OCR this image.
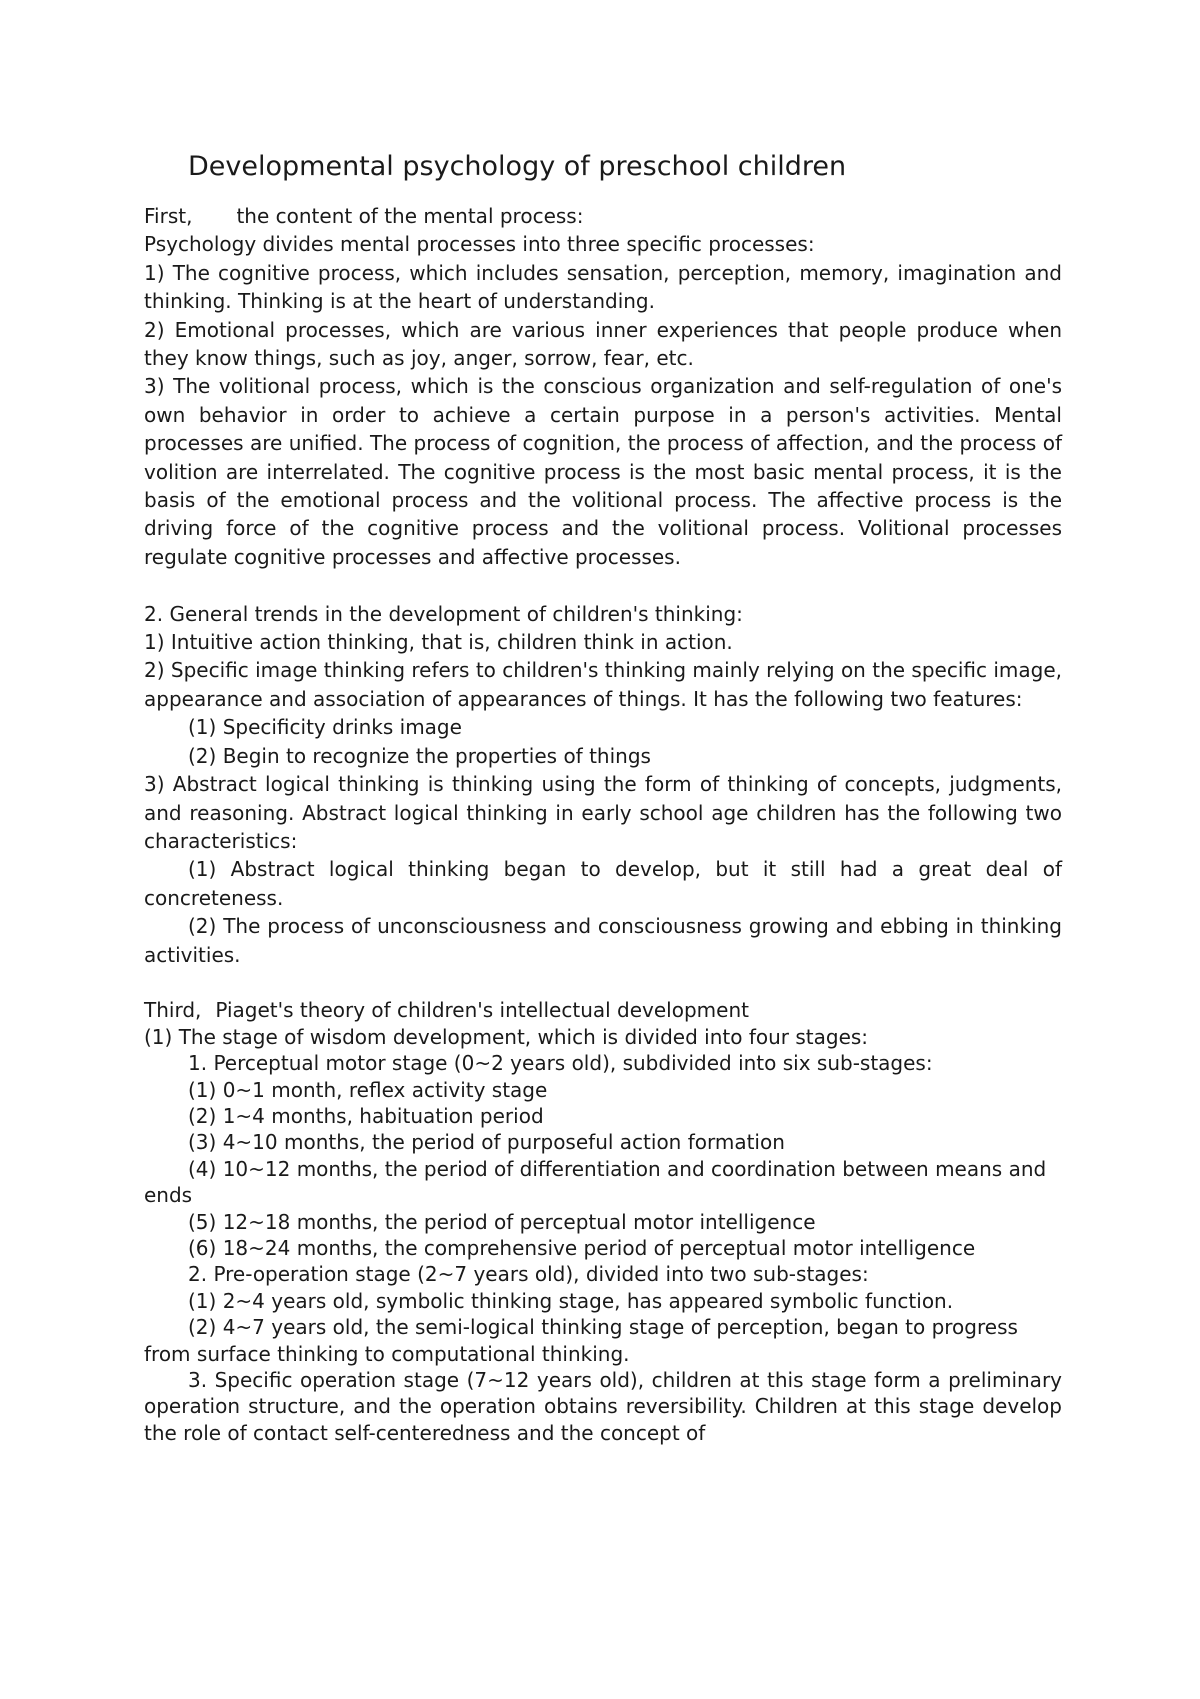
Developmental psychology of preschool children
First, the content of the mental process:
Psychology divides mental processes into three specific processes:
1) The cognitive process, which includes sensation, perception, memory, imagination and thinking. Thinking is at the heart of understanding.
2) Emotional processes, which are various inner experiences that people produce when they know things, such as joy, anger, sorrow, fear, etc.
3) The volitional process, which is the conscious organization and self-regulation of one's own behavior in order to achieve a certain purpose in a person's activities. Mental processes are unified. The process of cognition, the process of affection, and the process of volition are interrelated. The cognitive process is the most basic mental process, it is the basis of the emotional process and the volitional process. The affective process is the driving force of the cognitive process and the volitional process. Volitional processes regulate cognitive processes and affective processes.
2. General trends in the development of children's thinking:
1) Intuitive action thinking, that is, children think in action.
2) Specific image thinking refers to children's thinking mainly relying on the specific image, appearance and association of appearances of things. It has the following two features:
(1) Specificity drinks image
(2) Begin to recognize the properties of things
3) Abstract logical thinking is thinking using the form of thinking of concepts, judgments, and reasoning. Abstract logical thinking in early school age children has the following two characteristics:
(1) Abstract logical thinking began to develop, but it still had a great deal of concreteness.
(2) The process of unconsciousness and consciousness growing and ebbing in thinking activities.
Third, Piaget's theory of children's intellectual development
(1) The stage of wisdom development, which is divided into four stages:
1. Perceptual motor stage (0~2 years old), subdivided into six sub-stages:
(1) 0~1 month, reflex activity stage
(2) 1~4 months, habituation period
(3) 4~10 months, the period of purposeful action formation
(4) 10~12 months, the period of differentiation and coordination between means and ends
(5) 12~18 months, the period of perceptual motor intelligence
(6) 18~24 months, the comprehensive period of perceptual motor intelligence
2. Pre-operation stage (2~7 years old), divided into two sub-stages:
(1) 2~4 years old, symbolic thinking stage, has appeared symbolic function.
(2) 4~7 years old, the semi-logical thinking stage of perception, began to progress from surface thinking to computational thinking.
3. Specific operation stage (7~12 years old), children at this stage form a preliminary operation structure, and the operation obtains reversibility. Children at this stage develop the role of contact self-centeredness and the concept of
